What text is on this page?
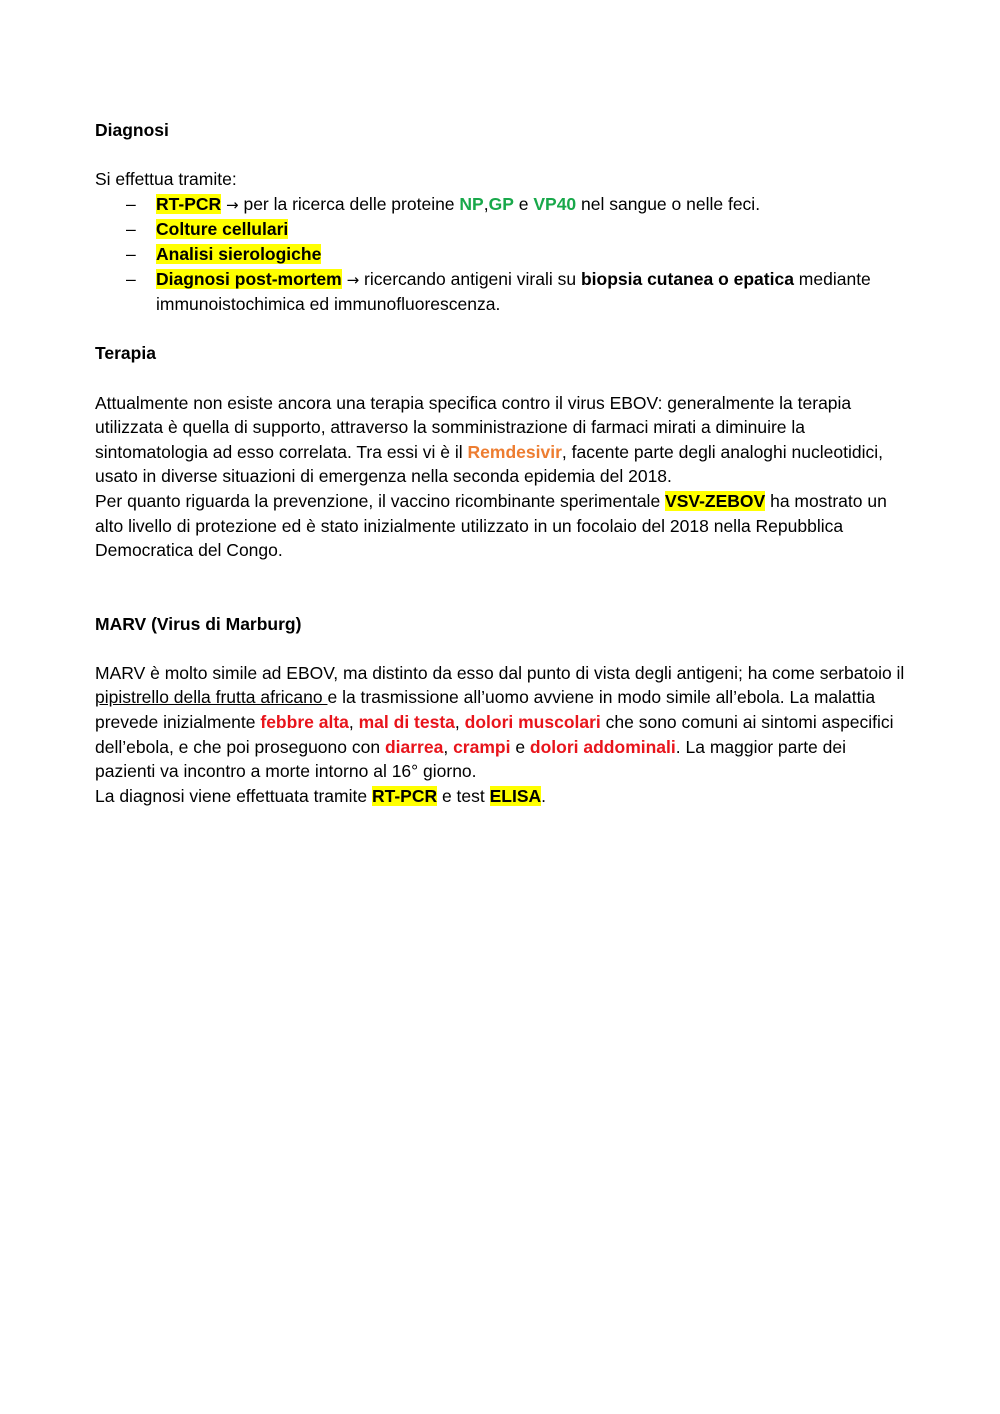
Diagnosi

Si effettua tramite:

– RT-PCR → per la ricerca delle proteine NP,GP e VP40 nel sangue o nelle feci.
– Colture cellulari
– Analisi sierologiche
– Diagnosi post-mortem → ricercando antigeni virali su biopsia cutanea o epatica mediante immunoistochimica ed immunofluorescenza.
Terapia

Attualmente non esiste ancora una terapia specifica contro il virus EBOV: generalmente la terapia utilizzata è quella di supporto, attraverso la somministrazione di farmaci mirati a diminuire la sintomatologia ad esso correlata. Tra essi vi è il Remdesivir, facente parte degli analoghi nucleotidici, usato in diverse situazioni di emergenza nella seconda epidemia del 2018.

Per quanto riguarda la prevenzione, il vaccino ricombinante sperimentale VSV-ZEBOV ha mostrato un alto livello di protezione ed è stato inizialmente utilizzato in un focolaio del 2018 nella Repubblica Democratica del Congo.

MARV (Virus di Marburg)

MARV è molto simile ad EBOV, ma distinto da esso dal punto di vista degli antigeni; ha come serbatoio il pipistrello della frutta africano e la trasmissione all’uomo avviene in modo simile all’ebola. La malattia prevede inizialmente febbre alta, mal di testa, dolori muscolari che sono comuni ai sintomi aspecifici dell’ebola, e che poi proseguono con diarrea, crampi e dolori addominali. La maggior parte dei pazienti va incontro a morte intorno al 16° giorno.

La diagnosi viene effettuata tramite RT-PCR e test ELISA.
